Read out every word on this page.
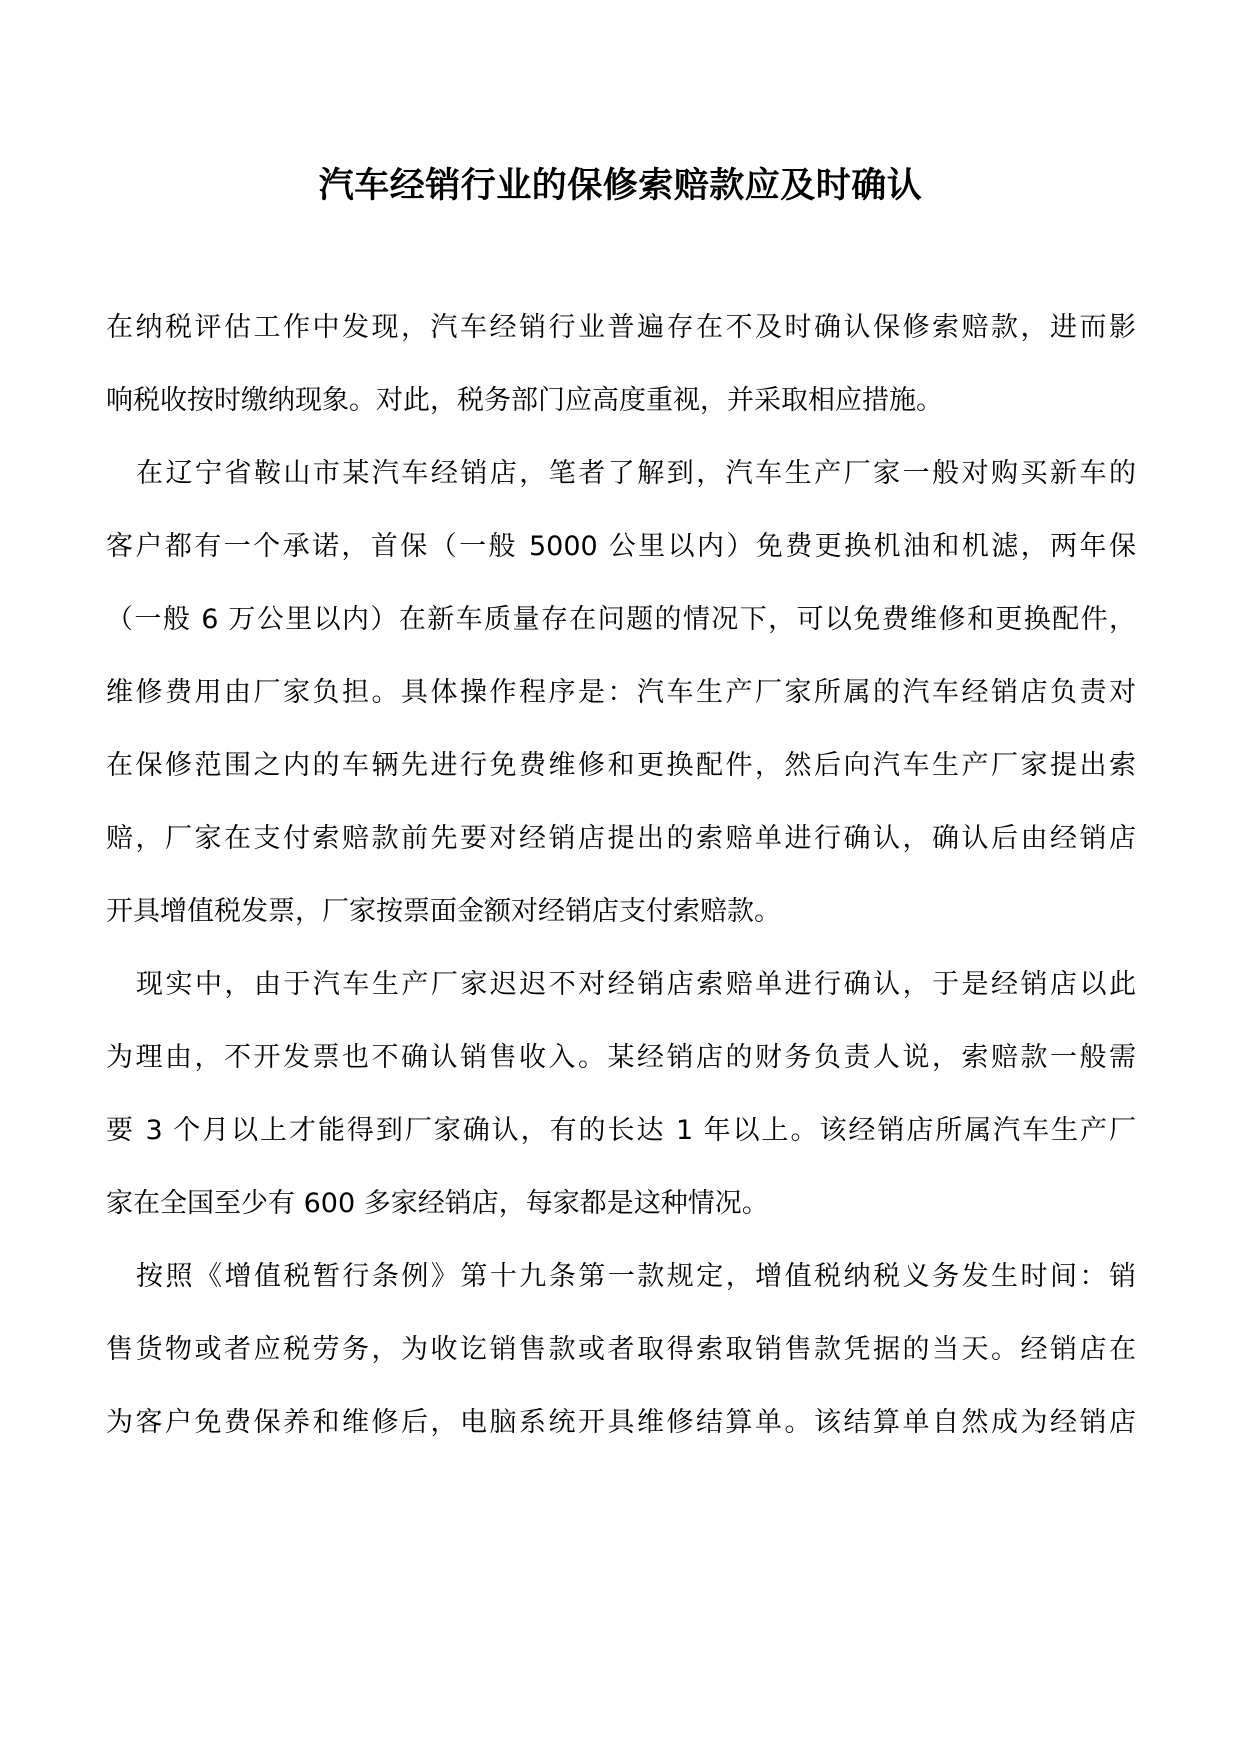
汽车经销行业的保修索赔款应及时确认
在纳税评估工作中发现，汽车经销行业普遍存在不及时确认保修索赔款，进而影
响税收按时缴纳现象。对此，税务部门应高度重视，并采取相应措施。
在辽宁省鞍山市某汽车经销店，笔者了解到，汽车生产厂家一般对购买新车的
客户都有一个承诺，首保（一般 5000 公里以内）免费更换机油和机滤，两年保
（一般 6 万公里以内）在新车质量存在问题的情况下，可以免费维修和更换配件，
维修费用由厂家负担。具体操作程序是：汽车生产厂家所属的汽车经销店负责对
在保修范围之内的车辆先进行免费维修和更换配件，然后向汽车生产厂家提出索
赔，厂家在支付索赔款前先要对经销店提出的索赔单进行确认，确认后由经销店
开具增值税发票，厂家按票面金额对经销店支付索赔款。
现实中，由于汽车生产厂家迟迟不对经销店索赔单进行确认，于是经销店以此
为理由，不开发票也不确认销售收入。某经销店的财务负责人说，索赔款一般需
要 3 个月以上才能得到厂家确认，有的长达 1 年以上。该经销店所属汽车生产厂
家在全国至少有 600 多家经销店，每家都是这种情况。
按照《增值税暂行条例》第十九条第一款规定，增值税纳税义务发生时间：销
售货物或者应税劳务，为收讫销售款或者取得索取销售款凭据的当天。经销店在
为客户免费保养和维修后，电脑系统开具维修结算单。该结算单自然成为经销店
